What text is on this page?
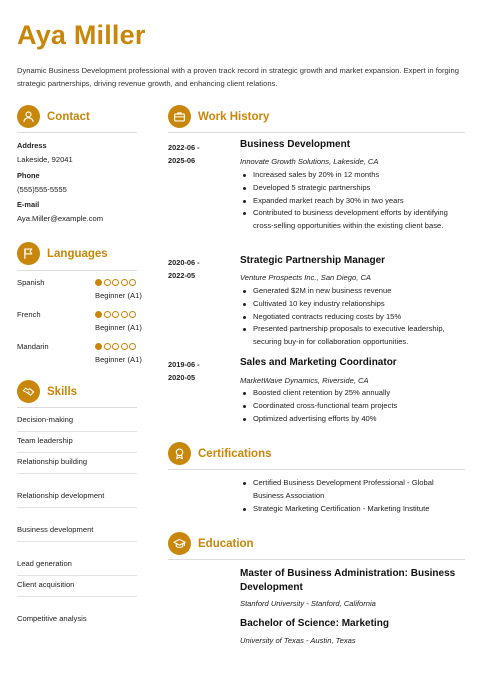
Aya Miller
Dynamic Business Development professional with a proven track record in strategic growth and market expansion. Expert in forging strategic partnerships, driving revenue growth, and enhancing client relations.
Contact
Address
Lakeside, 92041
Phone
(555)555-5555
E-mail
Aya.Miller@example.com
Languages
Spanish
Beginner (A1)
French
Beginner (A1)
Mandarin
Beginner (A1)
Skills
Decision-making
Team leadership
Relationship building
Relationship development
Business development
Lead generation
Client acquisition
Competitive analysis
Work History
2022-06 -
2025-06
Business Development
Innovate Growth Solutions, Lakeside, CA
Increased sales by 20% in 12 months
Developed 5 strategic partnerships
Expanded market reach by 30% in two years
Contributed to business development efforts by identifying cross-selling opportunities within the existing client base.
2020-06 -
2022-05
Strategic Partnership Manager
Venture Prospects Inc., San Diego, CA
Generated $2M in new business revenue
Cultivated 10 key industry relationships
Negotiated contracts reducing costs by 15%
Presented partnership proposals to executive leadership, securing buy-in for collaboration opportunities.
2019-06 -
2020-05
Sales and Marketing Coordinator
MarketWave Dynamics, Riverside, CA
Boosted client retention by 25% annually
Coordinated cross-functional team projects
Optimized advertising efforts by 40%
Certifications
Certified Business Development Professional - Global Business Association
Strategic Marketing Certification - Marketing Institute
Education
Master of Business Administration: Business Development
Stanford University - Stanford, California
Bachelor of Science: Marketing
University of Texas - Austin, Texas
